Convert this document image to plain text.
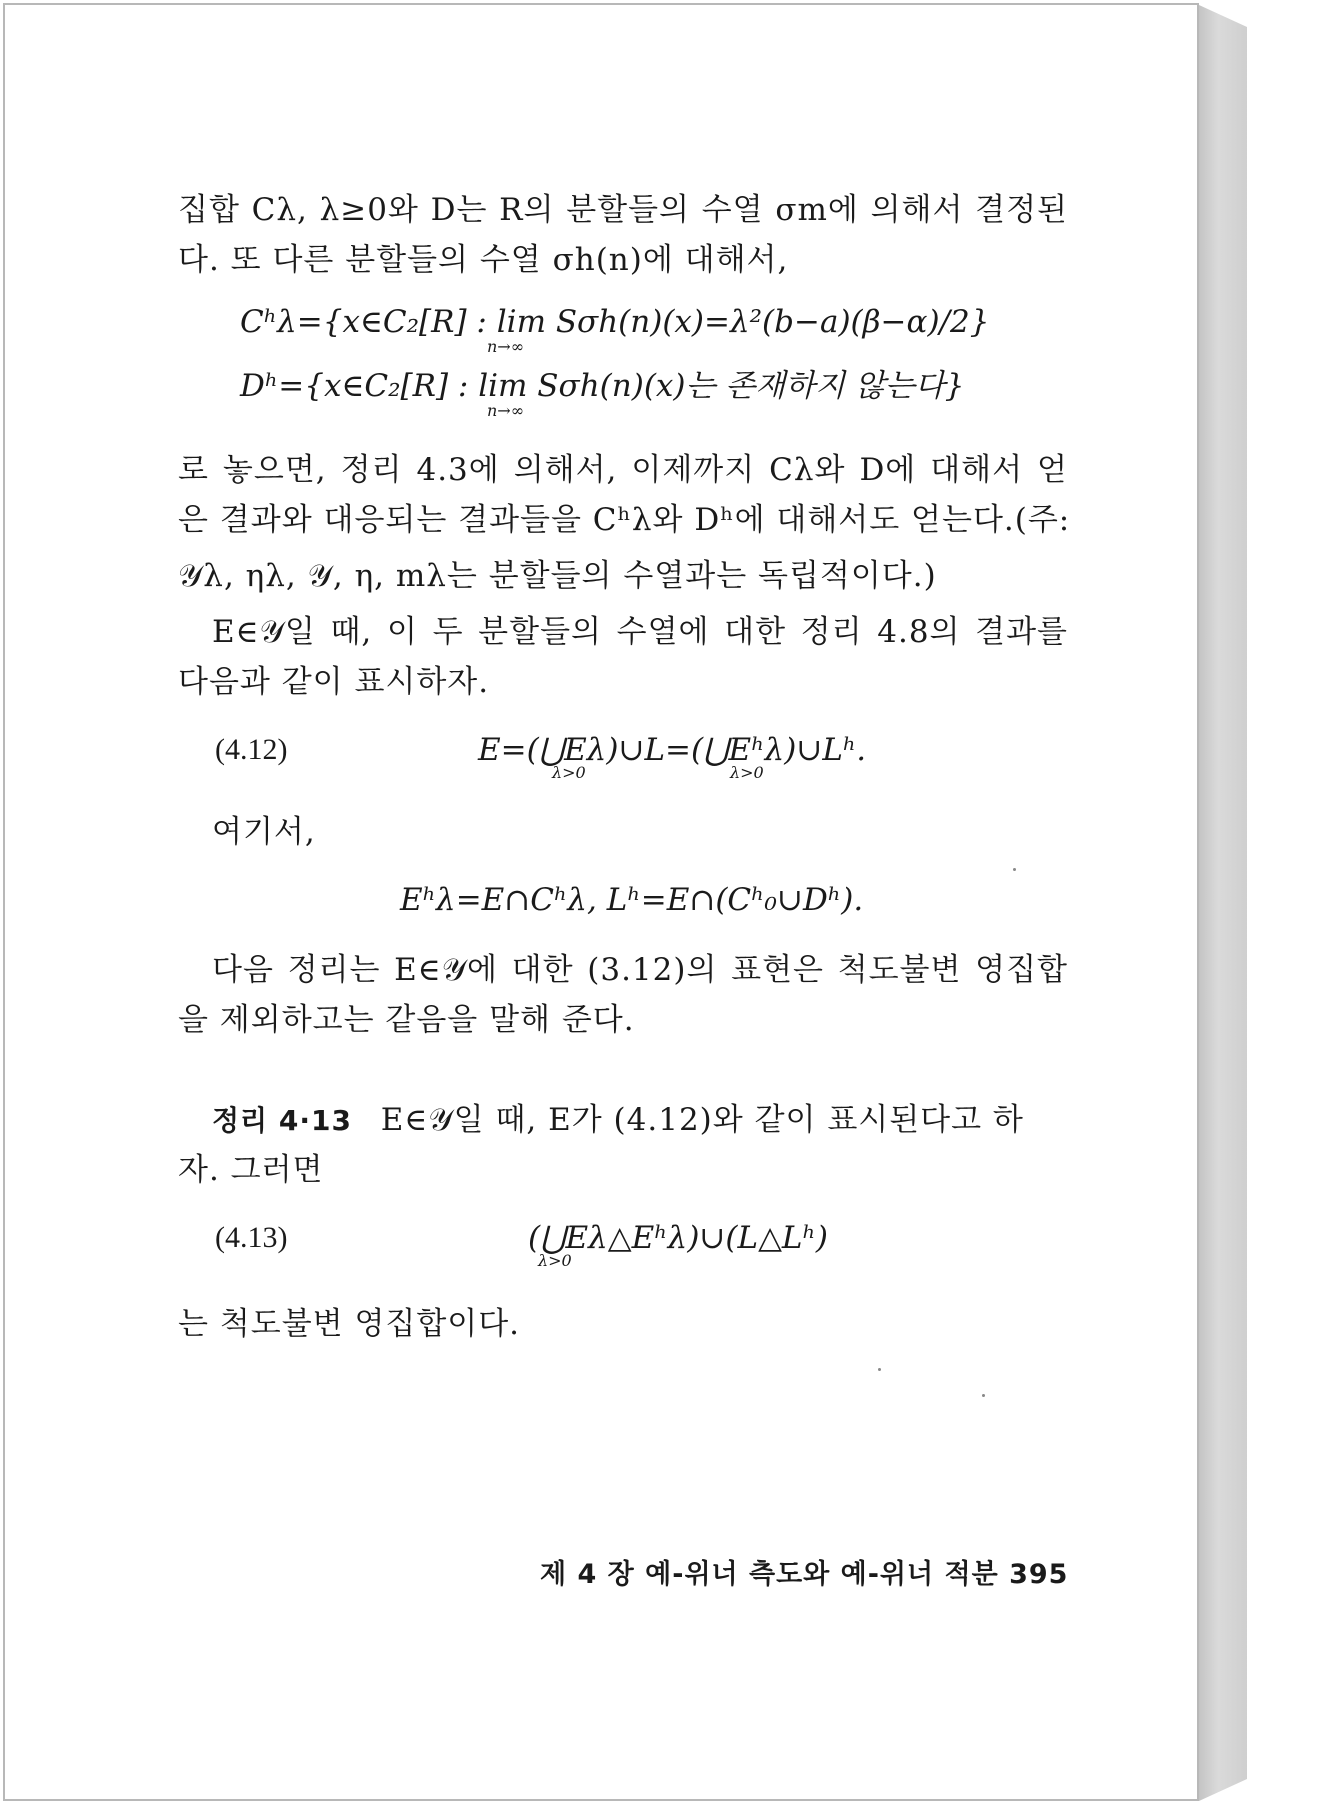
집합 Cλ, λ≥0와 D는 R의 분할들의 수열 σm에 의해서 결정된
다. 또 다른 분할들의 수열 σh(n)에 대해서,
Cʰλ={x∈C₂[R] : lim Sσh(n)(x)=λ²(b−a)(β−α)/2}
n→∞
Dʰ={x∈C₂[R] : lim Sσh(n)(x)는 존재하지 않는다}
n→∞
로 놓으면, 정리 4.3에 의해서, 이제까지 Cλ와 D에 대해서 얻
은 결과와 대응되는 결과들을 Cʰλ와 Dʰ에 대해서도 얻는다.(주:
𝒴λ, ηλ, 𝒴, η, mλ는 분할들의 수열과는 독립적이다.)
E∈𝒴일 때, 이 두 분할들의 수열에 대한 정리 4.8의 결과를
다음과 같이 표시하자.
(4.12)	E=(⋃Eλ)∪L=(⋃Eʰλ)∪Lʰ.
λ>0	λ>0
여기서,
Eʰλ=E∩Cʰλ, Lʰ=E∩(Cʰ₀∪Dʰ).
다음 정리는 E∈𝒴에 대한 (3.12)의 표현은 척도불변 영집합
을 제외하고는 같음을 말해 준다.
정리 4·13 E∈𝒴일 때, E가 (4.12)와 같이 표시된다고 하
자. 그러면
(4.13)	(⋃Eλ△Eʰλ)∪(L△Lʰ)
λ>0
는 척도불변 영집합이다.
제 4 장 예-위너 측도와 예-위너 적분 395
